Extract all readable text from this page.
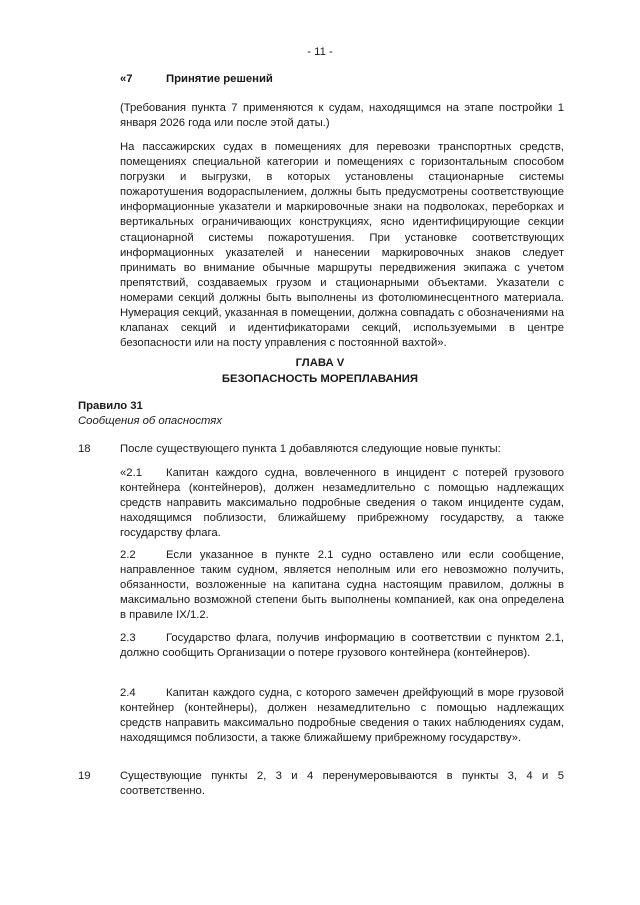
- 11 -
«7	Принятие решений
(Требования пункта 7 применяются к судам, находящимся на этапе постройки 1 января 2026 года или после этой даты.)
На пассажирских судах в помещениях для перевозки транспортных средств, помещениях специальной категории и помещениях с горизонтальным способом погрузки и выгрузки, в которых установлены стационарные системы пожаротушения водораспылением, должны быть предусмотрены соответствующие информационные указатели и маркировочные знаки на подволоках, переборках и вертикальных ограничивающих конструкциях, ясно идентифицирующие секции стационарной системы пожаротушения. При установке соответствующих информационных указателей и нанесении маркировочных знаков следует принимать во внимание обычные маршруты передвижения экипажа с учетом препятствий, создаваемых грузом и стационарными объектами. Указатели с номерами секций должны быть выполнены из фотолюминесцентного материала. Нумерация секций, указанная в помещении, должна совпадать с обозначениями на клапанах секций и идентификаторами секций, используемыми в центре безопасности или на посту управления с постоянной вахтой».
ГЛАВА V
БЕЗОПАСНОСТЬ МОРЕПЛАВАНИЯ
Правило 31
Сообщения об опасностях
18	После существующего пункта 1 добавляются следующие новые пункты:
«2.1 Капитан каждого судна, вовлеченного в инцидент с потерей грузового контейнера (контейнеров), должен незамедлительно с помощью надлежащих средств направить максимально подробные сведения о таком инциденте судам, находящимся поблизости, ближайшему прибрежному государству, а также государству флага.
2.2	Если указанное в пункте 2.1 судно оставлено или если сообщение, направленное таким судном, является неполным или его невозможно получить, обязанности, возложенные на капитана судна настоящим правилом, должны в максимально возможной степени быть выполнены компанией, как она определена в правиле IX/1.2.
2.3	Государство флага, получив информацию в соответствии с пунктом 2.1, должно сообщить Организации о потере грузового контейнера (контейнеров).
2.4	Капитан каждого судна, с которого замечен дрейфующий в море грузовой контейнер (контейнеры), должен незамедлительно с помощью надлежащих средств направить максимально подробные сведения о таких наблюдениях судам, находящимся поблизости, а также ближайшему прибрежному государству».
19	Существующие пункты 2, 3 и 4 перенумеровываются в пункты 3, 4 и 5 соответственно.
